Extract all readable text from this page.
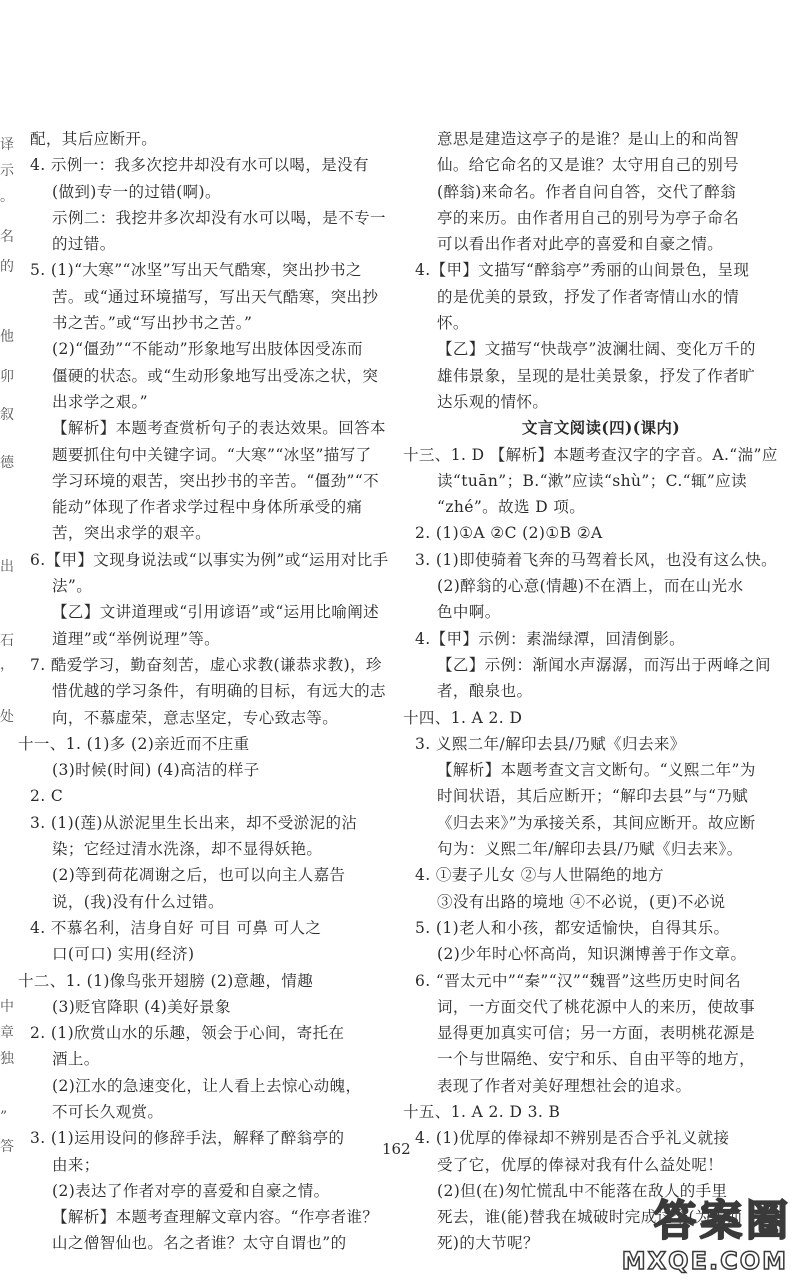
译
示
。
名
的
他
卯
叙
德
出
石
，
处
中
章
独
”
答

配，其后应断开。

4. 示例一：我多次挖井却没有水可以喝，是没有

(做到)专一的过错(啊)。

示例二：我挖井多次却没有水可以喝，是不专一

的过错。

5. (1)“大寒”“冰坚”写出天气酷寒，突出抄书之

苦。或“通过环境描写，写出天气酷寒，突出抄

书之苦。”或“写出抄书之苦。”

(2)“僵劲”“不能动”形象地写出肢体因受冻而

僵硬的状态。或“生动形象地写出受冻之状，突

出求学之艰。”

【解析】本题考查赏析句子的表达效果。回答本

题要抓住句中关键字词。“大寒”“冰坚”描写了

学习环境的艰苦，突出抄书的辛苦。“僵劲”“不

能动”体现了作者求学过程中身体所承受的痛

苦，突出求学的艰辛。

6.【甲】文现身说法或“以事实为例”或“运用对比手

法”。

【乙】文讲道理或“引用谚语”或“运用比喻阐述

道理”或“举例说理”等。

7. 酷爱学习，勤奋刻苦，虚心求教(谦恭求教)，珍

惜优越的学习条件，有明确的目标，有远大的志

向，不慕虚荣，意志坚定，专心致志等。

十一、1. (1)多 (2)亲近而不庄重

(3)时候(时间) (4)高洁的样子

2. C

3. (1)(莲)从淤泥里生长出来，却不受淤泥的沾

染；它经过清水洗涤，却不显得妖艳。

(2)等到荷花凋谢之后，也可以向主人嘉告

说，(我)没有什么过错。

4. 不慕名利，洁身自好 可目 可鼻 可人之

口(可口) 实用(经济)

十二、1. (1)像鸟张开翅膀 (2)意趣，情趣

(3)贬官降职 (4)美好景象

2. (1)欣赏山水的乐趣，领会于心间，寄托在

酒上。

(2)江水的急速变化，让人看上去惊心动魄，

不可长久观赏。

3. (1)运用设问的修辞手法，解释了醉翁亭的

由来；

(2)表达了作者对亭的喜爱和自豪之情。

【解析】本题考查理解文章内容。“作亭者谁？

山之僧智仙也。名之者谁？太守自谓也”的

意思是建造这亭子的是谁？是山上的和尚智

仙。给它命名的又是谁？太守用自己的别号

(醉翁)来命名。作者自问自答，交代了醉翁

亭的来历。由作者用自己的别号为亭子命名

可以看出作者对此亭的喜爱和自豪之情。

4.【甲】文描写“醉翁亭”秀丽的山间景色，呈现

的是优美的景致，抒发了作者寄情山水的情

怀。

【乙】文描写“快哉亭”波澜壮阔、变化万千的

雄伟景象，呈现的是壮美景象，抒发了作者旷

达乐观的情怀。

文言文阅读(四)(课内)

十三、1. D 【解析】本题考查汉字的字音。A.“湍”应

读“tuān”；B.“漱”应读“shù”；C.“辄”应读

“zhé”。故选 D 项。

2. (1)①A ②C (2)①B ②A

3. (1)即使骑着飞奔的马驾着长风，也没有这么快。

(2)醉翁的心意(情趣)不在酒上，而在山光水

色中啊。

4.【甲】示例：素湍绿潭，回清倒影。

【乙】示例：渐闻水声潺潺，而泻出于两峰之间

者，酿泉也。

十四、1. A 2. D

3. 义熙二年/解印去县/乃赋《归去来》

【解析】本题考查文言文断句。“义熙二年”为

时间状语，其后应断开；“解印去县”与“乃赋

《归去来》”为承接关系，其间应断开。故应断

句为：义熙二年/解印去县/乃赋《归去来》。

4. ①妻子儿女 ②与人世隔绝的地方

③没有出路的境地 ④不必说，(更)不必说

5. (1)老人和小孩，都安适愉快，自得其乐。

(2)少年时心怀高尚，知识渊博善于作文章。

6. “晋太元中”“秦”“汉”“魏晋”这些历史时间名

词，一方面交代了桃花源中人的来历，使故事

显得更加真实可信；另一方面，表明桃花源是

一个与世隔绝、安宁和乐、自由平等的地方，

表现了作者对美好理想社会的追求。

十五、1. A 2. D 3. B

4. (1)优厚的俸禄却不辨别是否合乎礼义就接

受了它，优厚的俸禄对我有什么益处呢！

(2)但(在)匆忙慌乱中不能落在敌人的手里

死去，谁(能)替我在城破时完成这个(为国而

死)的大节呢？

162
答案圈
MXQE.COM
